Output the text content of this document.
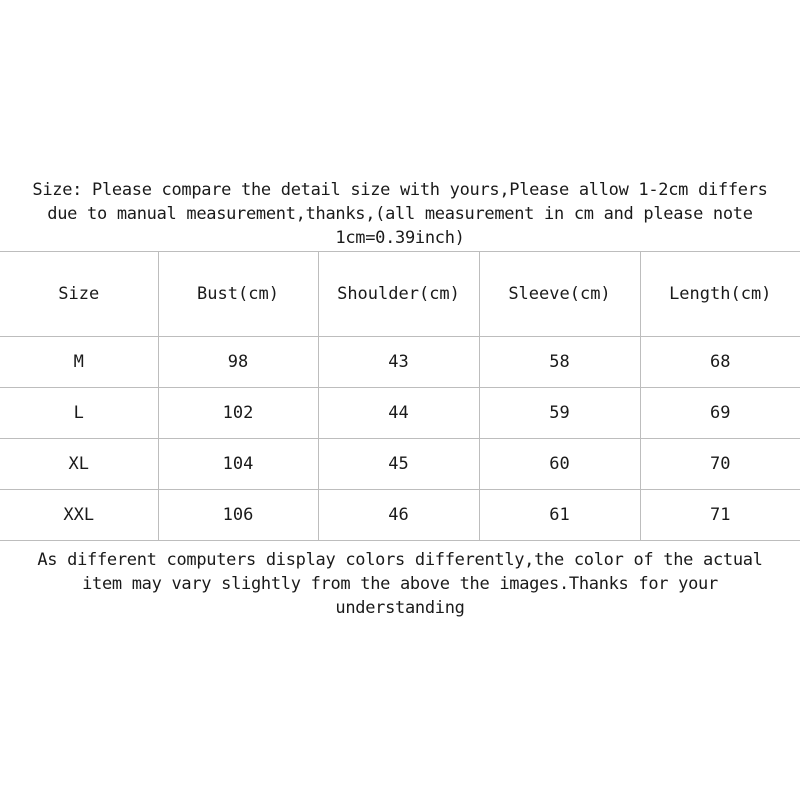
Size: Please compare the detail size with yours,Please allow 1-2cm differs
due to manual measurement,thanks,(all measurement in cm and please note
1cm=0.39inch)
Size	Bust(cm)	Shoulder(cm)	Sleeve(cm)	Length(cm)
M	98	43	58	68
L	102	44	59	69
XL	104	45	60	70
XXL	106	46	61	71
As different computers display colors differently,the color of the actual
item may vary slightly from the above the images.Thanks for your
understanding
